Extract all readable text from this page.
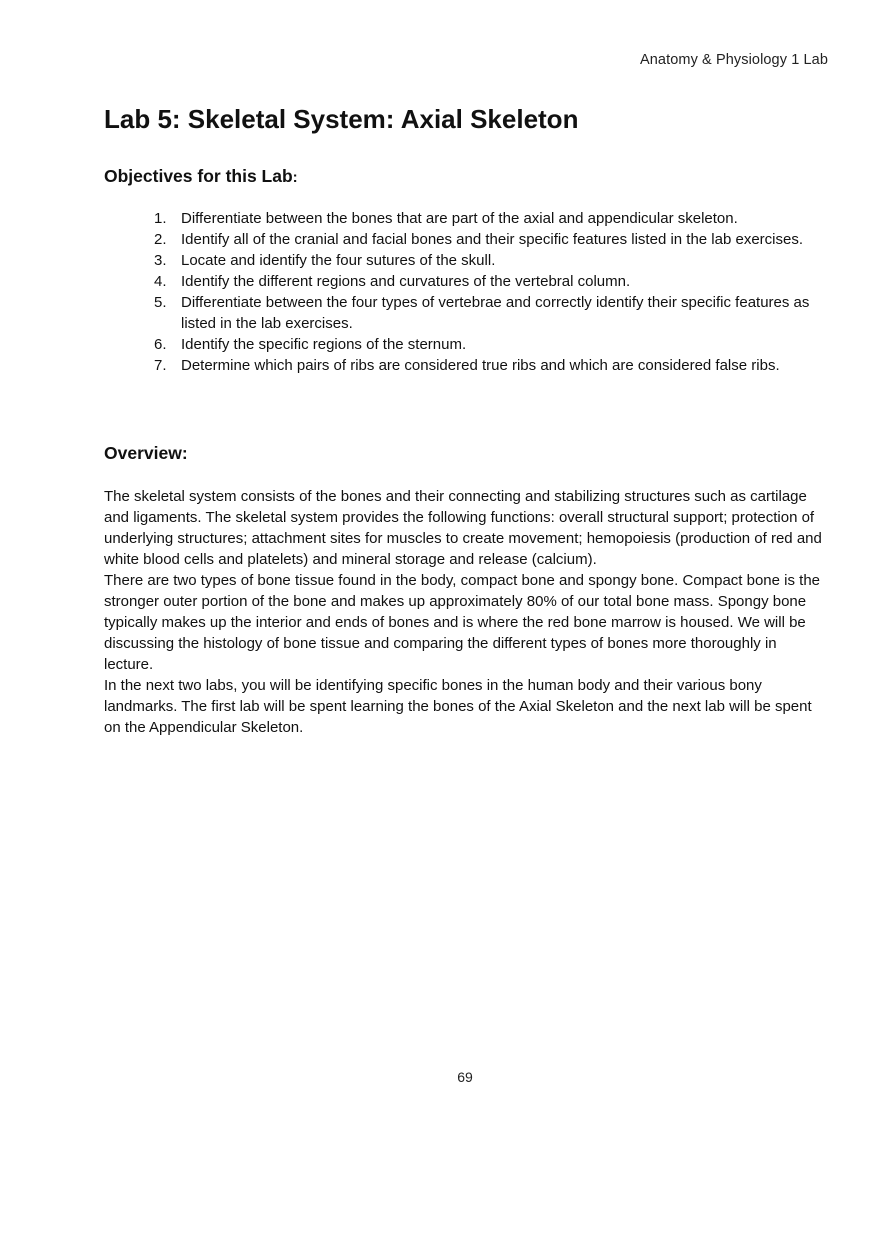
Anatomy & Physiology 1 Lab
Lab 5: Skeletal System: Axial Skeleton
Objectives for this Lab:
1. Differentiate between the bones that are part of the axial and appendicular skeleton.
2. Identify all of the cranial and facial bones and their specific features listed in the lab exercises.
3. Locate and identify the four sutures of the skull.
4. Identify the different regions and curvatures of the vertebral column.
5. Differentiate between the four types of vertebrae and correctly identify their specific features as listed in the lab exercises.
6. Identify the specific regions of the sternum.
7. Determine which pairs of ribs are considered true ribs and which are considered false ribs.
Overview:

The skeletal system consists of the bones and their connecting and stabilizing structures such as cartilage and ligaments. The skeletal system provides the following functions: overall structural support; protection of underlying structures; attachment sites for muscles to create movement; hemopoiesis (production of red and white blood cells and platelets) and mineral storage and release (calcium).

There are two types of bone tissue found in the body, compact bone and spongy bone. Compact bone is the stronger outer portion of the bone and makes up approximately 80% of our total bone mass. Spongy bone typically makes up the interior and ends of bones and is where the red bone marrow is housed. We will be discussing the histology of bone tissue and comparing the different types of bones more thoroughly in lecture.

In the next two labs, you will be identifying specific bones in the human body and their various bony landmarks. The first lab will be spent learning the bones of the Axial Skeleton and the next lab will be spent on the Appendicular Skeleton.

69
